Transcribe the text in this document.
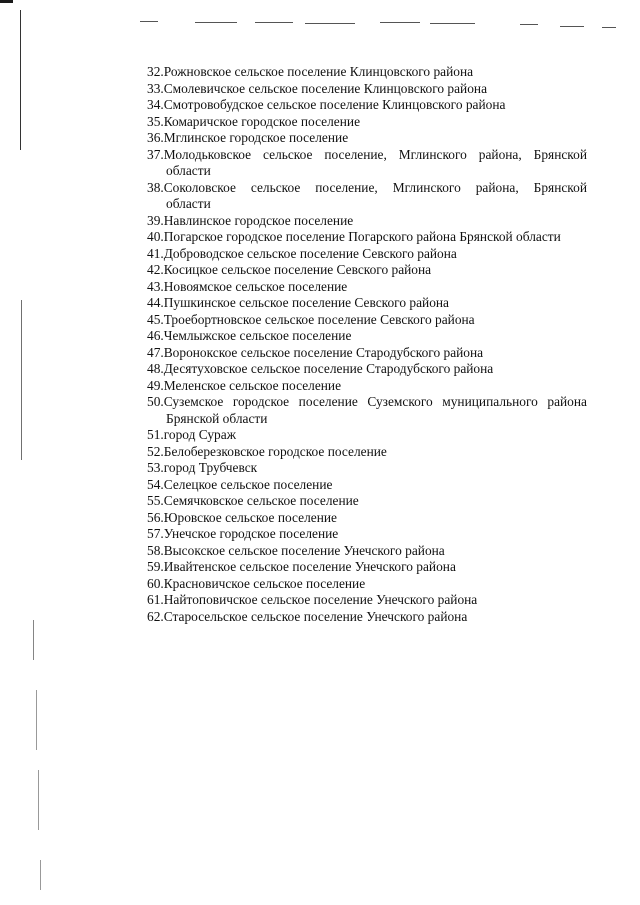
32.Рожновское сельское поселение Клинцовского района
33.Смолевичское сельское поселение Клинцовского района
34.Смотровобудское сельское поселение Клинцовского района
35.Комаричское городское поселение
36.Мглинское городское поселение
37.Молодьковское сельское поселение, Мглинского района, Брянской
области
38.Соколовское сельское поселение, Мглинского района, Брянской
области
39.Навлинское городское поселение
40.Погарское городское поселение Погарского района Брянской области
41.Доброводское сельское поселение Севского района
42.Косицкое сельское поселение Севского района
43.Новоямское сельское поселение
44.Пушкинское сельское поселение Севского района
45.Троебортновское сельское поселение Севского района
46.Чемлыжское сельское поселение
47.Воронокское сельское поселение Стародубского района
48.Десятуховское сельское поселение Стародубского района
49.Меленское сельское поселение
50.Суземское городское поселение Суземского муниципального района
Брянской области
51.город Сураж
52.Белоберезковское городское поселение
53.город Трубчевск
54.Селецкое сельское поселение
55.Семячковское сельское поселение
56.Юровское сельское поселение
57.Унечское городское поселение
58.Высокское сельское поселение Унечского района
59.Ивайтенское сельское поселение Унечского района
60.Красновичское сельское поселение
61.Найтоповичское сельское поселение Унечского района
62.Старосельское сельское поселение Унечского района
